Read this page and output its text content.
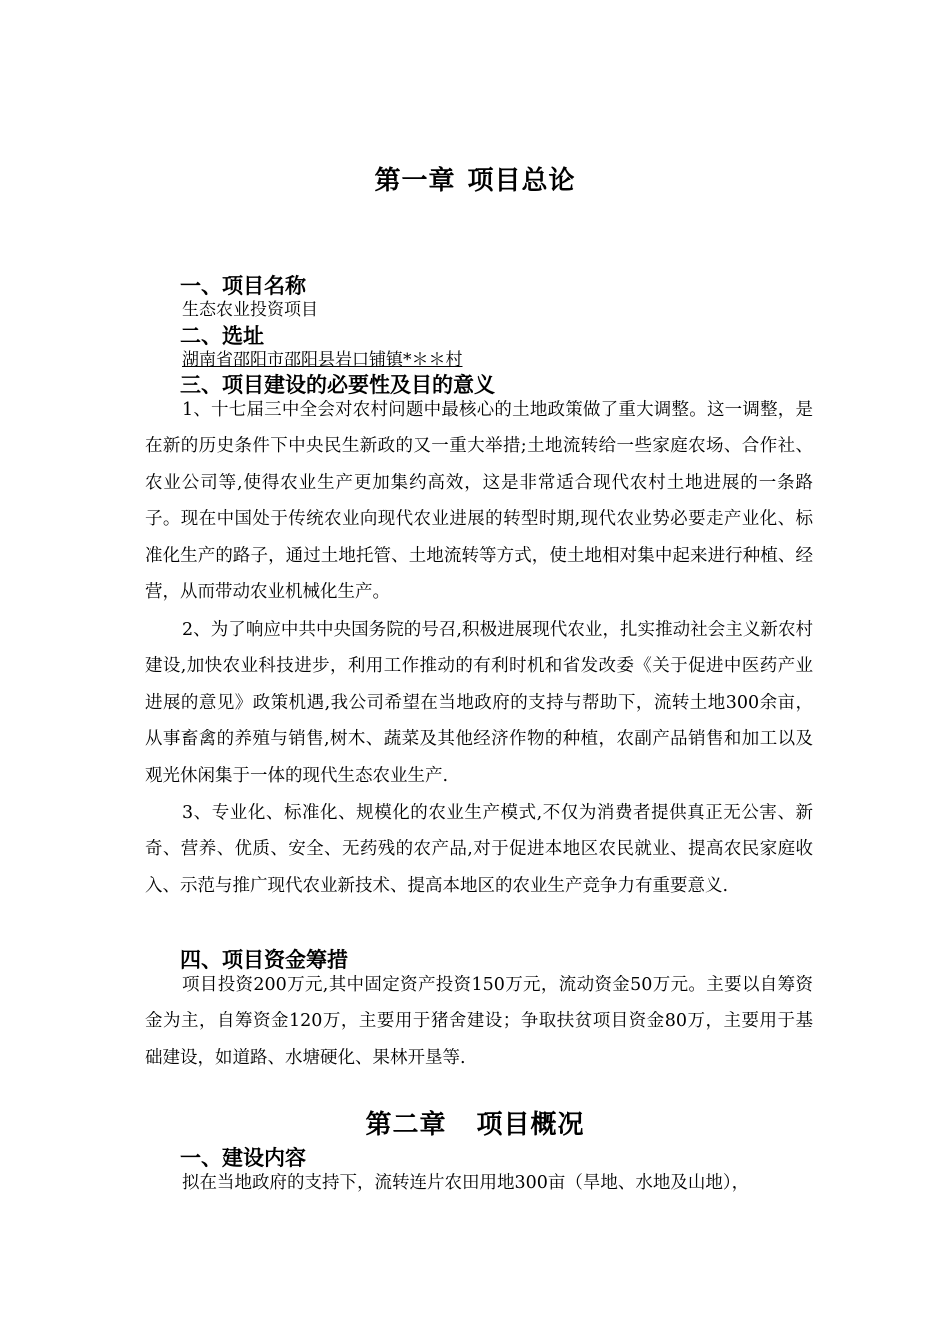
第一章 项目总论
一、项目名称

生态农业投资项目

二、选址

湖南省邵阳市邵阳县岩口铺镇*＊＊村

三、项目建设的必要性及目的意义

1、十七届三中全会对农村问题中最核心的土地政策做了重大调整。这一调整，是在新的历史条件下中央民生新政的又一重大举措;土地流转给一些家庭农场、合作社、农业公司等,使得农业生产更加集约高效，这是非常适合现代农村土地进展的一条路子。现在中国处于传统农业向现代农业进展的转型时期,现代农业势必要走产业化、标准化生产的路子，通过土地托管、土地流转等方式，使土地相对集中起来进行种植、经营，从而带动农业机械化生产。

2、为了响应中共中央国务院的号召,积极进展现代农业，扎实推动社会主义新农村建设,加快农业科技进步，利用工作推动的有利时机和省发改委《关于促进中医药产业进展的意见》政策机遇,我公司希望在当地政府的支持与帮助下，流转土地300余亩，从事畜禽的养殖与销售,树木、蔬菜及其他经济作物的种植，农副产品销售和加工以及观光休闲集于一体的现代生态农业生产.

3、专业化、标准化、规模化的农业生产模式,不仅为消费者提供真正无公害、新奇、营养、优质、安全、无药残的农产品,对于促进本地区农民就业、提高农民家庭收入、示范与推广现代农业新技术、提高本地区的农业生产竞争力有重要意义.

四、项目资金筹措

项目投资200万元,其中固定资产投资150万元，流动资金50万元。主要以自筹资金为主，自筹资金120万，主要用于猪舍建设；争取扶贫项目资金80万，主要用于基础建设，如道路、水塘硬化、果林开垦等.

第二章 项目概况
一、建设内容

拟在当地政府的支持下，流转连片农田用地300亩（旱地、水地及山地），
